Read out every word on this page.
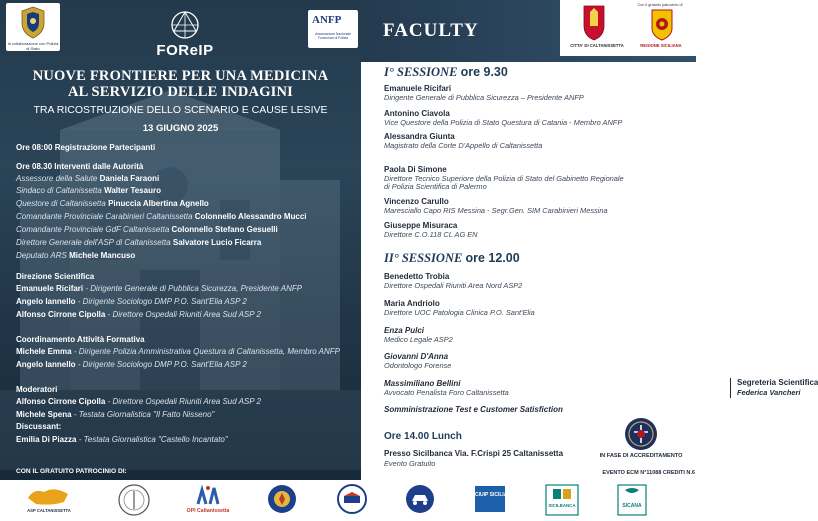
In collaborazione con Polizia di Stato	FOReIP
ANFP
Associazione Nazionale Funzionari di Polizia
NUOVE FRONTIERE PER UNA MEDICINA
AL SERVIZIO DELLE INDAGINI
TRA RICOSTRUZIONE DELLO SCENARIO E CAUSE LESIVE
13 GIUGNO 2025
Ore 08:00 Registrazione Partecipanti
Ore 08.30 Interventi dalle Autorità
Assessore della Salute Daniela Faraoni
Sindaco di Caltanissetta Walter Tesauro
Questore di Caltanissetta Pinuccia Albertina Agnello
Comandante Provinciale Carabinieri Caltanissetta Colonnello Alessandro Mucci
Comandante Provinciale GdF Caltanissetta Colonnello Stefano Gesuelli
Direttore Generale dell'ASP di Caltanissetta Salvatore Lucio Ficarra
Deputato ARS Michele Mancuso
Direzione Scientifica
Emanuele Ricifari - Dirigente Generale di Pubblica Sicurezza, Presidente ANFP
Angelo Iannello - Dirigente Sociologo DMP P.O. Sant'Elia ASP 2
Alfonso Cirrone Cipolla - Direttore Ospedali Riuniti Area Sud ASP 2
Coordinamento Attività Formativa
Michele Emma - Dirigente Polizia Amministrativa Questura di Caltanissetta, Membro ANFP
Angelo Iannello - Dirigente Sociologo DMP P.O. Sant'Elia ASP 2
Moderatori
Alfonso Cirrone Cipolla - Direttore Ospedali Riuniti Area Sud ASP 2
Michele Spena - Testata Giornalistica "Il Fatto Nisseno"
Discussant:
Emilia Di Piazza - Testata Giornalistica "Castello Incantato"
CON IL GRATUITO PATROCINIO DI:
FACULTY
Con il gratuito patrocinio di
CITTA' DI CALTANISSETTA	REGIONE SICILIANA
I° SESSIONE ore 9.30
Emanuele Ricifari
Dirigente Generale di Pubblica Sicurezza – Presidente ANFP
Antonino Ciavola
Vice Questore della Polizia di Stato Questura di Catania - Membro ANFP
Alessandra Giunta
Magistrato della Corte D'Appello di Caltanissetta
Paola Di Simone
Direttore Tecnico Superiore della Polizia di Stato del Gabinetto Regionale
di Polizia Scientifica di Palermo
Vincenzo Carullo
Maresciallo Capo RIS Messina - Segr.Gen. SIM Carabinieri Messina
Giuseppe Misuraca
Direttore C.O.118 CL AG EN
II° SESSIONE ore 12.00
Benedetto Trobia
Direttore Ospedali Riuniti Area Nord ASP2
Maria Andriolo
Direttore UOC Patologia Clinica P.O. Sant'Elia
Enza Pulci
Medico Legale ASP2
Giovanni D'Anna
Odontologo Forense
Massimiliano Bellini
Avvocato Penalista Foro Caltanissetta
Somministrazione Test e Customer Satisfiction
Ore 14.00 Lunch
Presso Sicilbanca Via. F.Crispi 25 Caltanissetta
Evento Gratuito
Segreteria Scientifica
Federica Vancheri
IN FASE DI ACCREDITAMENTO
EVENTO ECM N°11088 CREDITI N.6
ASP CALTANISSETTA	OPI Caltanissetta
CIUIP SICILIA
SICILBANCA	SICANA
